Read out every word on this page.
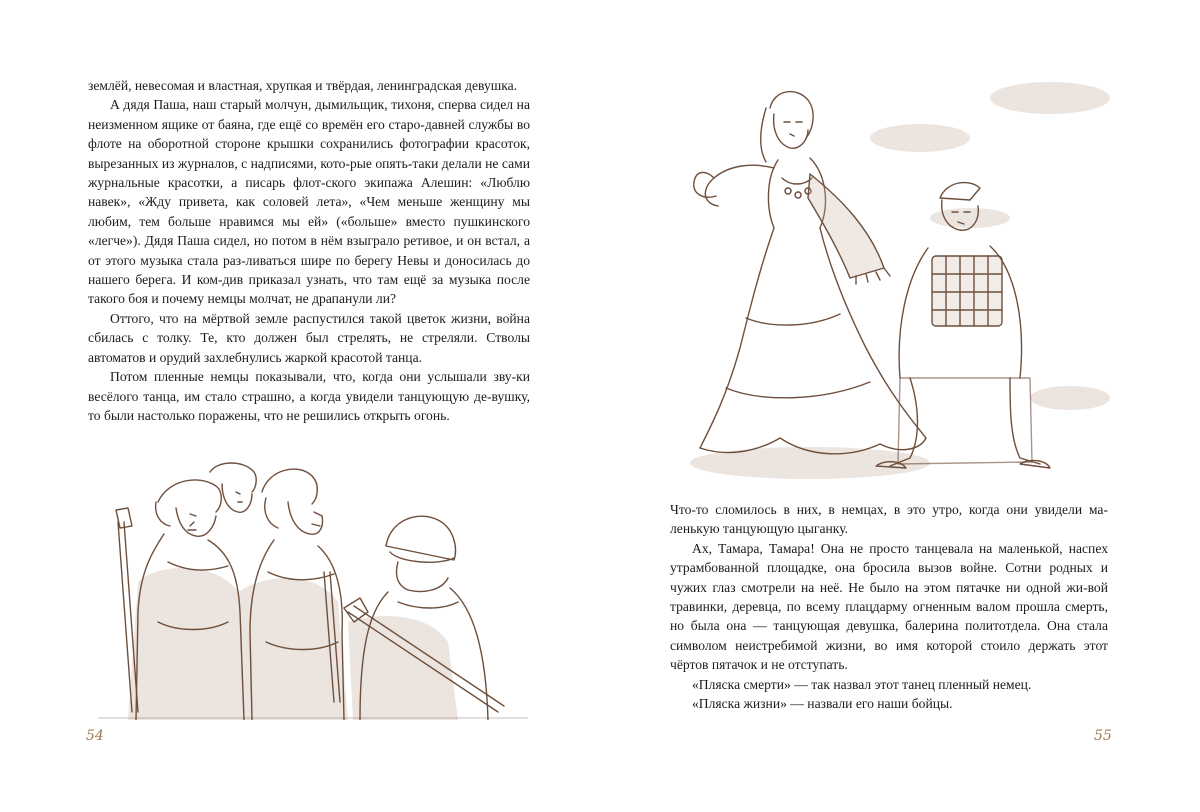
землёй, невесомая и властная, хрупкая и твёрдая, ленинградская девушка.

А дядя Паша, наш старый молчун, дымильщик, тихоня, сперва сидел на неизменном ящике от баяна, где ещё со времён его старо-давней службы во флоте на оборотной стороне крышки сохранились фотографии красоток, вырезанных из журналов, с надписями, кото-рые опять-таки делали не сами журнальные красотки, а писарь флот-ского экипажа Алешин: «Люблю навек», «Жду привета, как соловей лета», «Чем меньше женщину мы любим, тем больше нравимся мы ей» («больше» вместо пушкинского «легче»). Дядя Паша сидел, но потом в нём взыграло ретивое, и он встал, а от этого музыка стала раз-ливаться шире по берегу Невы и доносилась до нашего берега. И ком-див приказал узнать, что там ещё за музыка после такого боя и почему немцы молчат, не драпанули ли?

Оттого, что на мёртвой земле распустился такой цветок жизни, война сбилась с толку. Те, кто должен был стрелять, не стреляли. Стволы автоматов и орудий захлебнулись жаркой красотой танца.

Потом пленные немцы показывали, что, когда они услышали зву-ки весёлого танца, им стало страшно, а когда увидели танцующую де-вушку, то были настолько поражены, что не решились открыть огонь.

54

Что-то сломилось в них, в немцах, в это утро, когда они увидели ма-ленькую танцующую цыганку.

Ах, Тамара, Тамара! Она не просто танцевала на маленькой, наспех утрамбованной площадке, она бросила вызов войне. Сотни родных и чужих глаз смотрели на неё. Не было на этом пятачке ни одной жи-вой травинки, деревца, по всему плацдарму огненным валом прошла смерть, но была она — танцующая девушка, балерина политотдела. Она стала символом неистребимой жизни, во имя которой стоило держать этот чёртов пятачок и не отступать.

«Пляска смерти» — так назвал этот танец пленный немец.

«Пляска жизни» — назвали его наши бойцы.

55
